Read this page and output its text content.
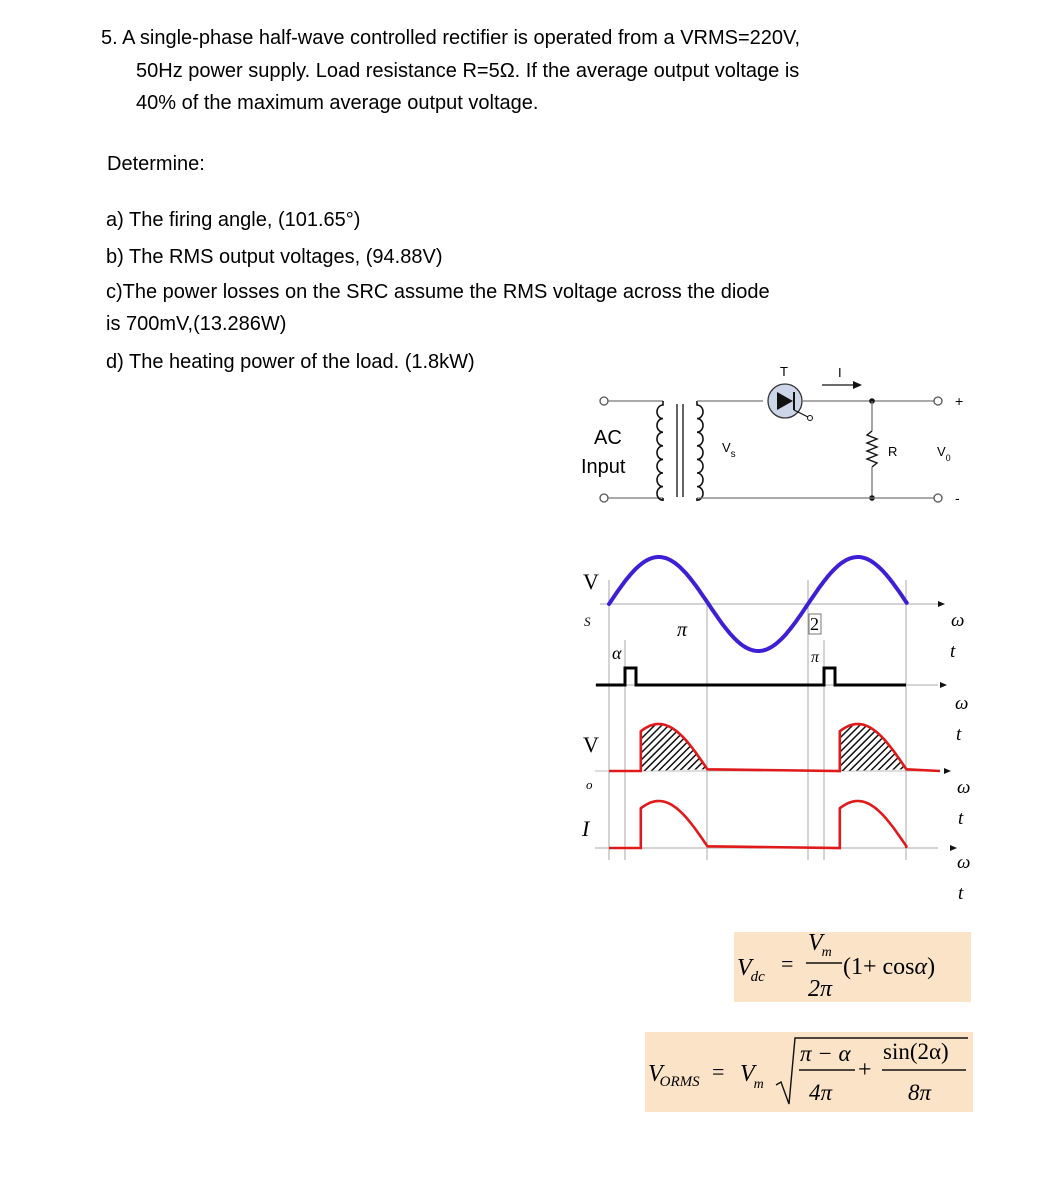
5. A single-phase half-wave controlled rectifier is operated from a VRMS=220V,
50Hz power supply. Load resistance R=5Ω. If the average output voltage is
40% of the maximum average output voltage.
Determine:
a) The firing angle, (101.65°)
b) The RMS output voltages, (94.88V)
c)The power losses on the SRC assume the RMS voltage across the diode
is 700mV,(13.286W)
d) The heating power of the load. (1.8kW)
AC
Input
$V_s$
T
+
I
R
-
$V_0$
V
S
V
o
I
α
π	2
π
ω
t
ω
t
ω
t
ω
t
Vdc
=
Vm
2π
(1+ cosα)
VORMS = Vm
π − α
4π
+
sin(2α)
8π
